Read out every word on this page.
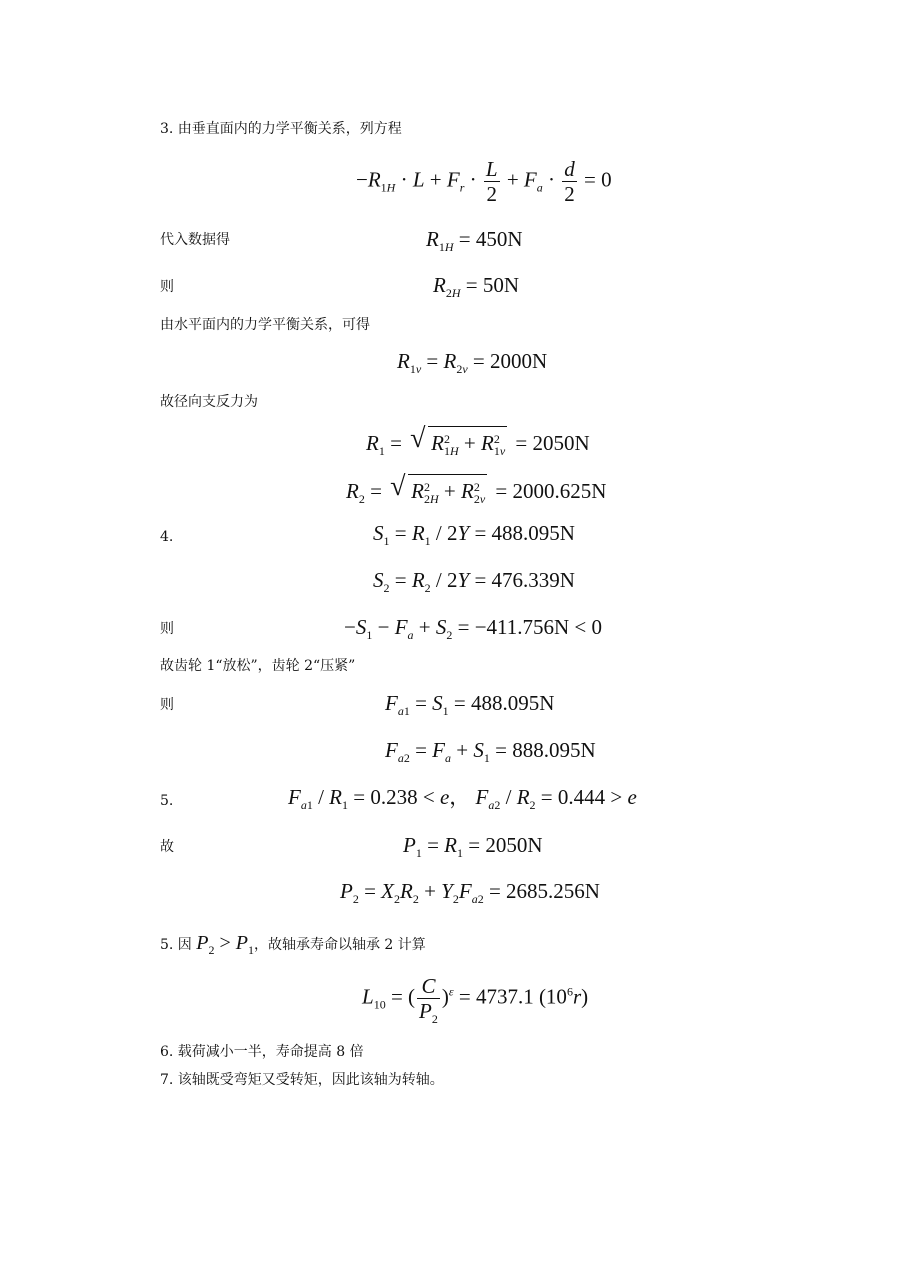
3. 由垂直面内的力学平衡关系，列方程
$-R_{1H} \cdot L + F_r \cdot \frac{L}{2} + F_a \cdot \frac{d}{2} = 0$
代入数据得	$R_{1H} = 450N$
则	$R_{2H} = 50N$
由水平面内的力学平衡关系，可得
$R_{1v} = R_{2v} = 2000N$
故径向支反力为
$R_1$ = √ R 2
1H + R 2
1v = 2050N
$R_2$ = √ R 2
2H + R 2
2v = 2000.625N
4.	$S_1 = R_1 / 2Y = 488.095N$
$S_2 = R_2 / 2Y = 476.339N$
则	$-S_1 - F_a + S_2 = -411.756N < 0$
故齿轮 1“放松”，齿轮 2“压紧”
则	$F_{a1} = S_1 = 488.095N$
$F_{a2} = F_a + S_1 = 888.095N$
5.	$F_{a1} / R_1 = 0.238 < e$， $F_{a2} / R_2 = 0.444 > e$
故	$P_1 = R_1 = 2050N$
$P_2 = X_2R_2 + Y_2F_{a2} = 2685.256N$
5. 因 $P_2 > P_1$，故轴承寿命以轴承 2 计算
$L_{10}$ = ( $\frac{C}{P_2} )^\varepsilon = 4737.1$ $(10^6r)$
6. 载荷减小一半，寿命提高 8 倍
7. 该轴既受弯矩又受转矩，因此该轴为转轴。
